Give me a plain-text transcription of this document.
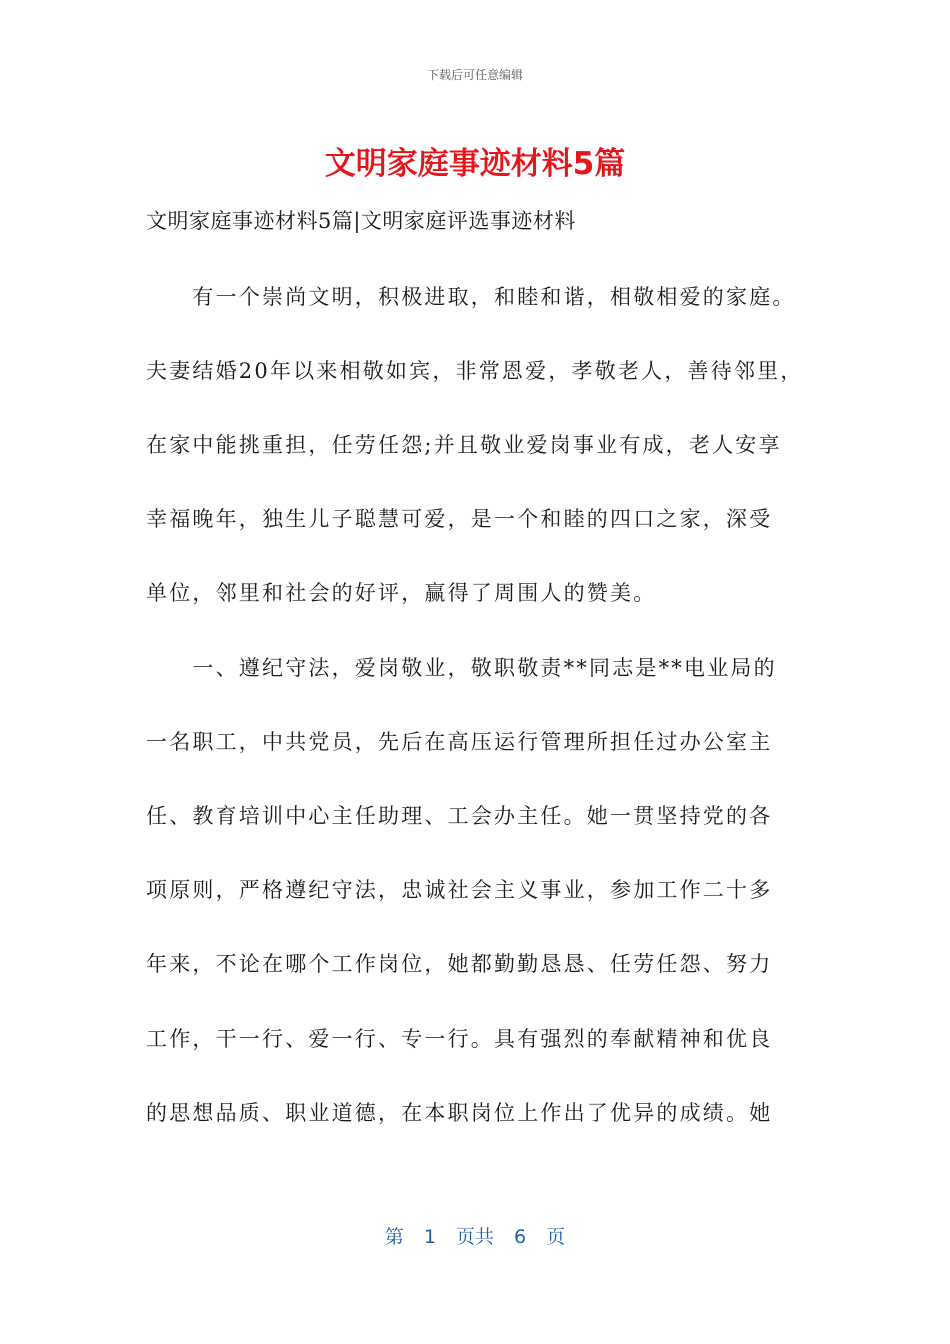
下载后可任意编辑
文明家庭事迹材料5篇
文明家庭事迹材料5篇|文明家庭评选事迹材料
　　有一个崇尚文明，积极进取，和睦和谐，相敬相爱的家庭。
夫妻结婚20年以来相敬如宾，非常恩爱，孝敬老人，善待邻里，
在家中能挑重担，任劳任怨;并且敬业爱岗事业有成，老人安享
幸福晚年，独生儿子聪慧可爱，是一个和睦的四口之家，深受
单位，邻里和社会的好评，赢得了周围人的赞美。
　　一、遵纪守法，爱岗敬业，敬职敬责**同志是**电业局的
一名职工，中共党员，先后在高压运行管理所担任过办公室主
任、教育培训中心主任助理、工会办主任。她一贯坚持党的各
项原则，严格遵纪守法，忠诚社会主义事业，参加工作二十多
年来，不论在哪个工作岗位，她都勤勤恳恳、任劳任怨、努力
工作，干一行、爱一行、专一行。具有强烈的奉献精神和优良
的思想品质、职业道德，在本职岗位上作出了优异的成绩。她
第 1 页共 6 页
